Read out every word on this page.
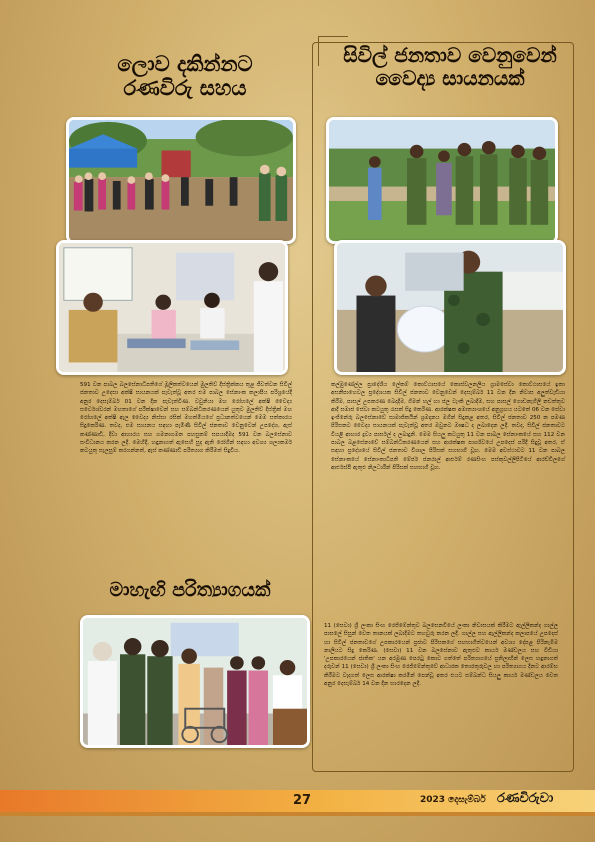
ලොව දකින්නට රණවිරු සහය
සිවිල් ජනතාව වෙනුවෙන් වෛද්‍ය සායනයක්
මාහැඟි පරිත්‍යාගයක්
591 වන පාබල බලසේනාධිපතිගේ මූලිකත්වයෙන් මුලතිව් දිස්ත්‍රික්කය තුළ ජීවත්වන සිවිල් ජනතාව උදෙසා අක්ෂි සායනයක් පැවැත්වූ අතර එම පාබල සේනාංක කලාපීය පරිශ්‍රයේදී අනුර දෙසැම්බර් 01 වන දින පැවැත්විණ. වවුනියා මහ රෝහලේ අක්ෂි වෛද්‍ය සර්වෙශ්වරන් මහතාගේ පරීක්ෂාවෙන් සහ සම්බන්ධීකරණයෙන් යුතුව මුලතිව් දිස්ත්‍රික් මහ රෝහලේ අක්ෂි ඇල වෛද්‍ය නිස්සා රසික් මහත්මියගේ ප්‍රධානත්වයෙන් මෙම සත්කාරය සිදුකෙරිණ. තවද, එම සායනය සඳහා පැමිණි සිවිල් ජනතාව වෙනුවෙන් උපදේශ, ඇස් කණ්ණාඩි, දිවා ආහාරය සහ ගමනාගමන පහසුකම් සපයාදීමද 591 වන බලසේනාව සංවිධානය කරන ලදී. මෙහිදී, හඳුනාගත් ඇසෙහි සුද ඇති රෝගීන් සඳහා අවශ්‍ය ශල්‍යකර්ම කටයුතු සැලසුම් කරගන්නත්, ඇස් කණ්ණාඩි පරිත්‍යාග කිරීමත් සිදුවිය.
කල්මුණේල්ල ප්‍රාදේශීය ලේකම් කොට්ඨාසයේ කොස්වලනලිය ග්‍රාමසේවා කොට්ඨාසයේ ඉතා අසනීපාහෙවල ප්‍රදේශයක සිවිල් ජනතාව වෙනුවෙන් දෙසැම්බර් 11 වන දින නිවාස අලුත්වැඩියා කිරීම, පාසල් උපකරණ බෙදාදීම, ගිමන් හල් හා ජල ටැංකි ලබාදීම, සහ පාසල් ගොඩනැගිලි නඩත්තුව ආදී සමාජ සේවා කටයුතු රැසක් සිදු කෙරිණ. ආරක්ෂක අමාත්‍යාංශයේ අනුග්‍රහය යටතේ 06 වන සේවා ඉංජිනේරු බලසේනාවේ සාමාජිකයින් ශ්‍රමදානය මගින් සිදුකළ අතර, සිවිල් ජනතාව 250 ක පමණ පිරිසකට වෛද්‍ය සායනයක් පැවැත්වූ අතර ඔවුනට ඖෂධ ද ලබාදෙන ලදී. තවද, සිවිල් ජනතාවට වියළි ආහාර ද්‍රව්‍ය පාර්සල් ද ලබාදුනි. මෙම සියලු කටයුතු 11 වන පාබල සේනාංකයේ සහ 112 වන පාබල බළසේනාවේ සම්බන්ධීකරණයෙන් සහ ආරක්ෂක පාර්ශ්වයේ උපදෙස් පරිදි සිදුවූ අතර, ඒ සඳහා ප්‍රදේශයේ සිවිල් ජනතාව විශාල පිරිසක් සහභාගි වූහ. මෙම අවස්ථාවට 11 වන පාබල සේනාංකයේ සේනාංකාධිපති මේජර් ජනරාල් ආර්එම් රණසිංහ පස්කුවල්ලිපිටියේ ආරච්චිලගේ ආර්එස්පී ඇතුළු නිලධාරීන් පිරිසක් සහභාගි වූහ.
11 (සෙවා) ශ්‍රී ලංකා සිංහ රෙජිමේන්තුව බලසෙනවියේ ලංකා නිවාසයක් කිරීමට ඇල්ලිකන්ද ගාල්ල පාසලේ සිසුන් වෙත තානයක් ලබාදීමට තහවුරු කරන ලදී. ගාල්ල සහ ඇල්ලිකන්ද කලාපයේ උපදෙස් හා සිවිල් ජනතාවගේ උපකාරයෙන් ප්‍රජාව පිරිසකගේ සහභාගීත්වයෙන් අවශ්‍ය දේපළ පිරිනැමීම නාලියට සිදු කෙරිණ. (සෙවා) 11 වන බලසේනාව ඇතුළුව කාර්ය මණ්ඩලය සහ වීඩියා 'උපකාරයෙන් ජාතික' යන අරමුණ පෙරටු කොට ගත්තේ පරිත්‍යාගයේ ප්‍රතිලාභීන් ලෙස හඳුනාගත් දරුවන් 11 (සෙවා) ශ්‍රී ලංකා සිංහ රෙජිමේන්තුවේ ආධාරක තොරතුරුවල හා පරිත්‍යාගය දිනට ආරම්භ කිරීමට වැදගත් ලෙස ආරක්ෂා කරමින් පෙන්වූ අතර එයට සම්බන්ධ සියලු කාර්ය මණ්ඩලය වෙත අනුර දෙසැම්බර් 14 වන දින භාරදෙන ලදී.
27	2023 දෙසැම්බර් රණවිරුවා
